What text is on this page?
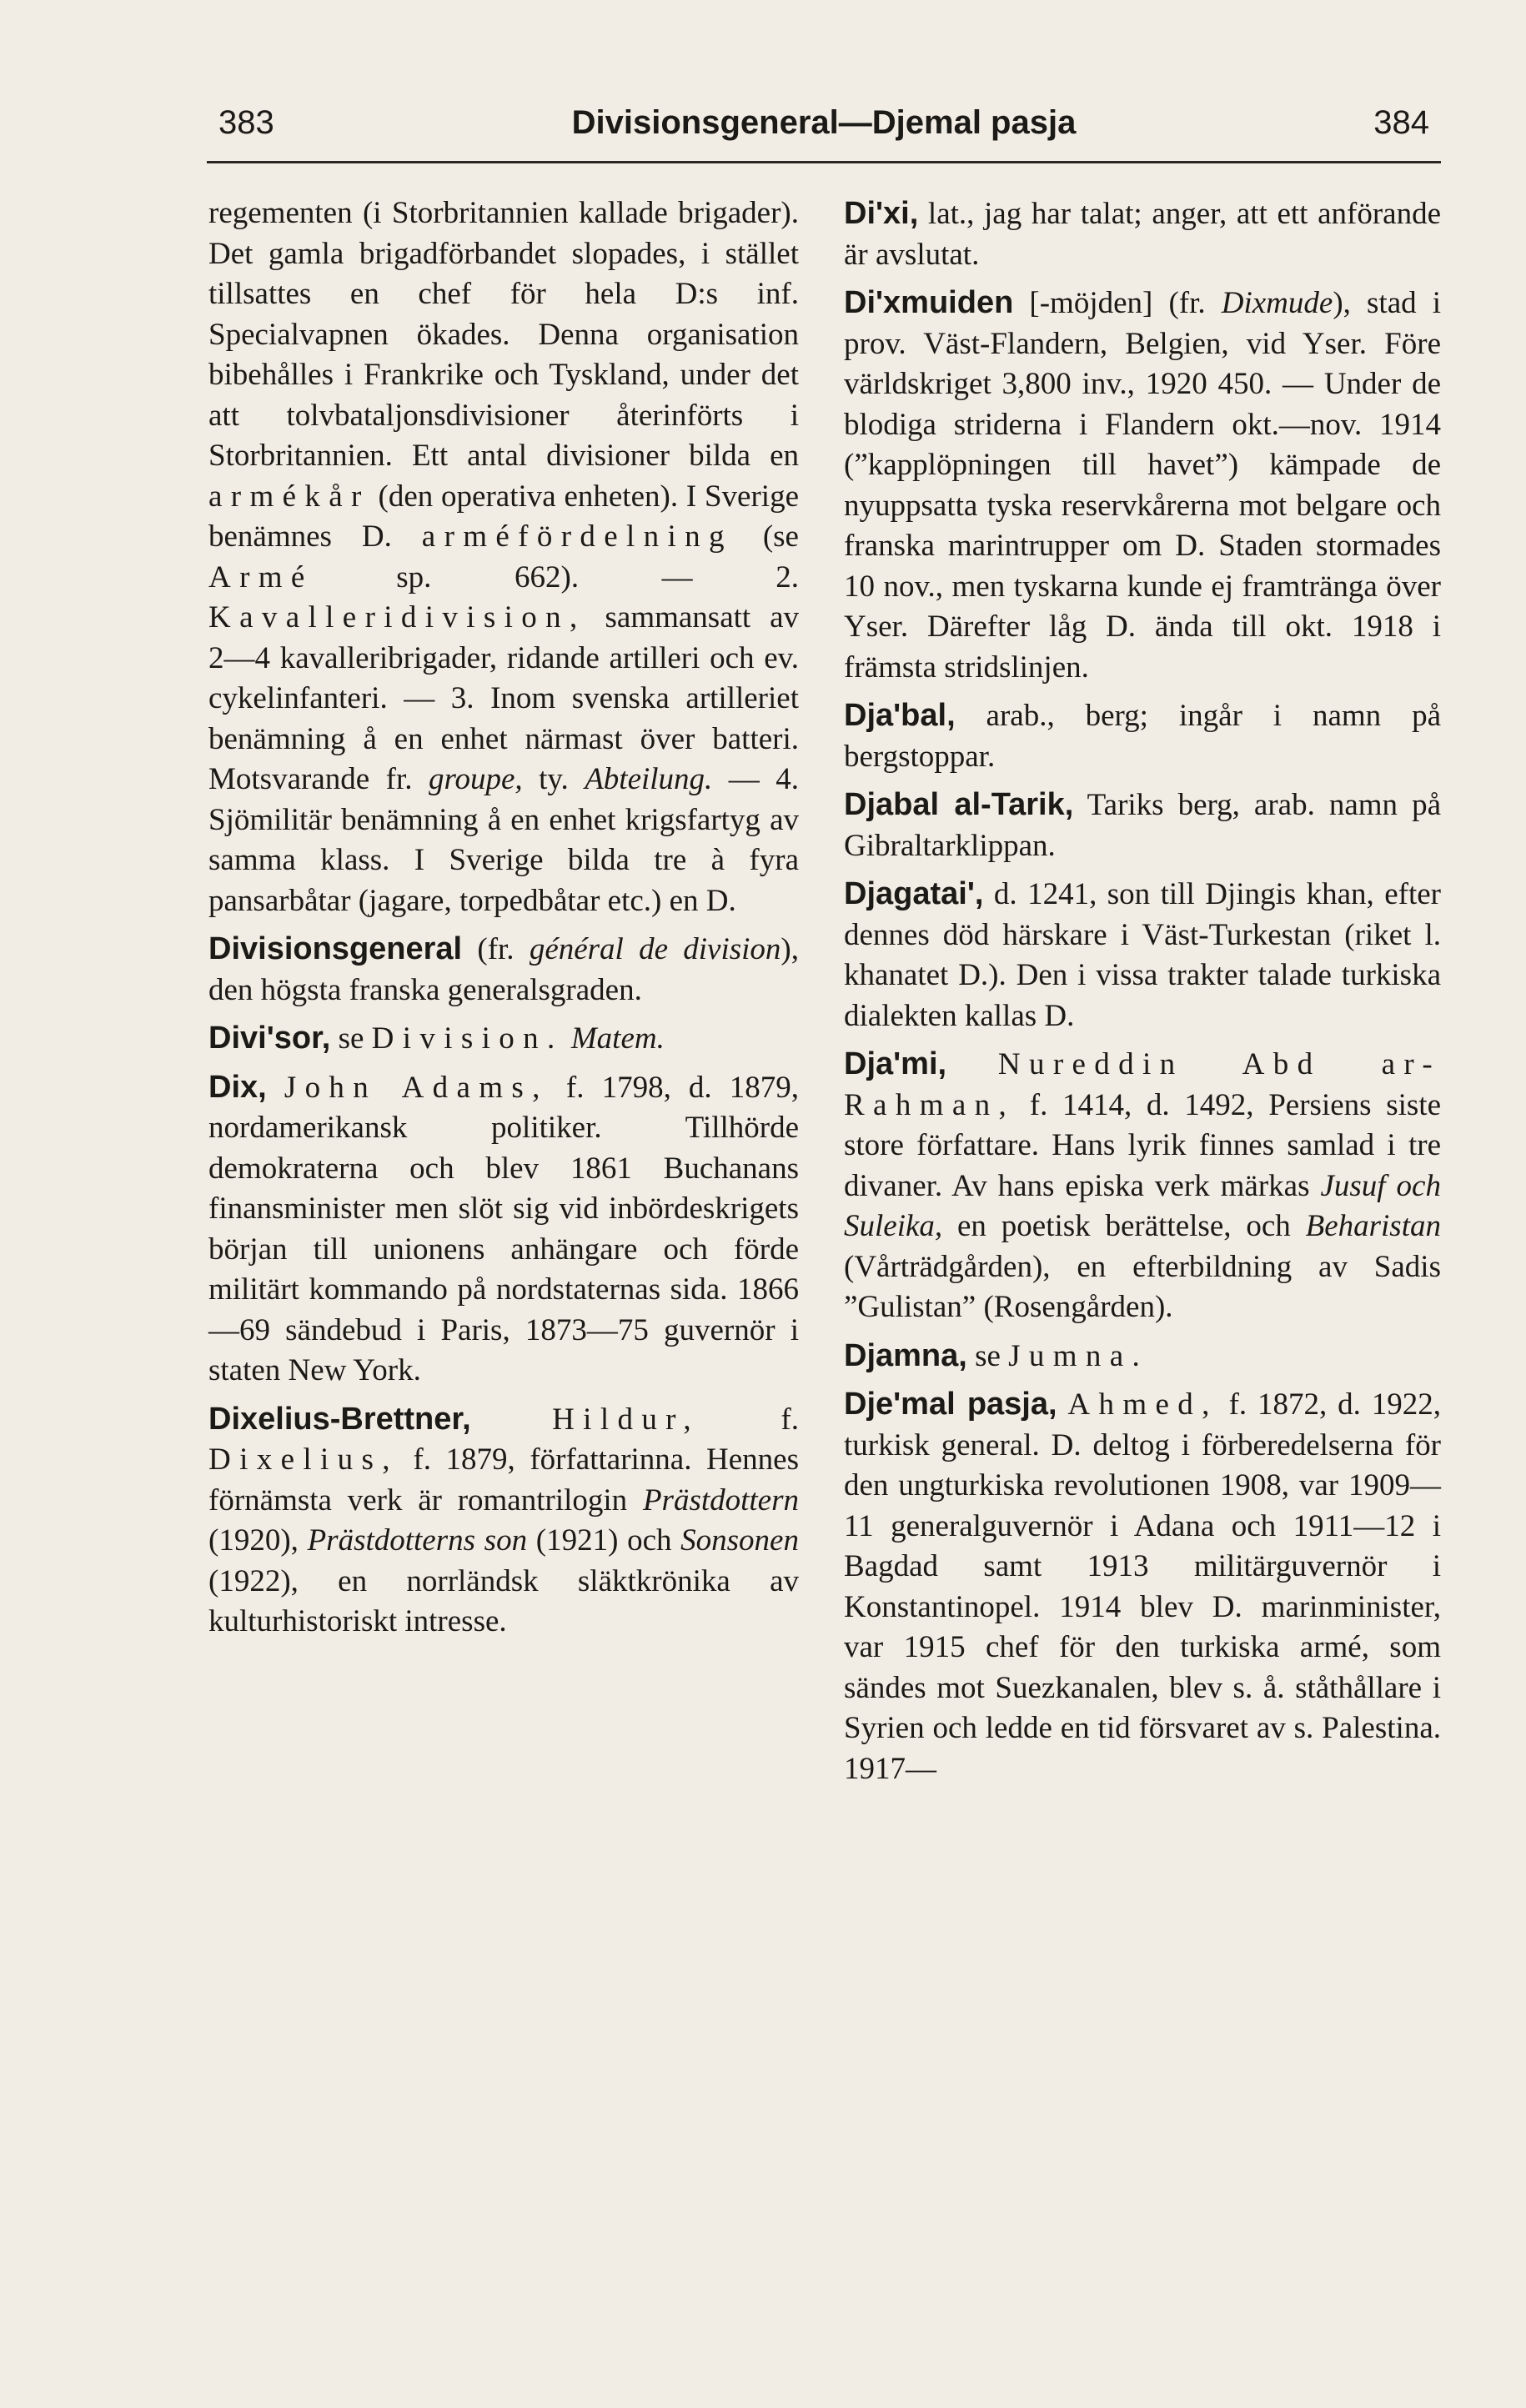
383	Divisionsgeneral—Djemal pasja	384

regementen (i Storbritannien kallade brigader). Det gamla brigadförbandet slopades, i stället tillsattes en chef för hela D:s inf. Specialvapnen ökades. Denna organisation bibehålles i Frankrike och Tyskland, under det att tolvbataljonsdivisioner återinförts i Storbritannien. Ett antal divisioner bilda en armékår (den operativa enheten). I Sverige benämnes D. arméfördelning (se Armé sp. 662). — 2. Kavalleridivision, sammansatt av 2—4 kavalleribrigader, ridande artilleri och ev. cykelinfanteri. — 3. Inom svenska artilleriet benämning å en enhet närmast över batteri. Motsvarande fr. groupe, ty. Abteilung. — 4. Sjömilitär benämning å en enhet krigsfartyg av samma klass. I Sverige bilda tre à fyra pansarbåtar (jagare, torpedbåtar etc.) en D.

Divisionsgeneral (fr. général de division), den högsta franska generalsgraden.

Divi'sor, se Division. Matem.

Dix, John Adams, f. 1798, d. 1879, nordamerikansk politiker. Tillhörde demokraterna och blev 1861 Buchanans finansminister men slöt sig vid inbördeskrigets början till unionens anhängare och förde militärt kommando på nordstaternas sida. 1866—69 sändebud i Paris, 1873—75 guvernör i staten New York.

Dixelius-Brettner,	Hildur, f. Dixelius, f. 1879, författarinna. Hennes förnämsta verk är romantrilogin Prästdottern (1920), Prästdotterns son (1921) och Sonsonen (1922), en norrländsk släktkrönika av kulturhistoriskt intresse.

Di'xi, lat., jag har talat; anger, att ett anförande är avslutat.

Di'xmuiden [-möjden] (fr. Dixmude), stad i prov. Väst-Flandern, Belgien, vid Yser. Före världskriget 3,800 inv., 1920 450. — Under de blodiga striderna i Flandern okt.—nov. 1914 (”kapplöpningen till havet”) kämpade de nyuppsatta tyska reservkårerna mot belgare och franska marintrupper om D. Staden stormades 10 nov., men tyskarna kunde ej framtränga över Yser. Därefter låg D. ända till okt. 1918 i främsta stridslinjen.

Dja'bal, arab., berg; ingår i namn på bergstoppar.

Djabal al-Tarik, Tariks berg, arab. namn på Gibraltarklippan.

Djagatai', d. 1241, son till Djingis khan, efter dennes död härskare i Väst-Turkestan (riket l. khanatet D.). Den i vissa trakter talade turkiska dialekten kallas D.

Dja'mi, Nureddin Abd ar-Rahman, f. 1414, d. 1492, Persiens siste store författare. Hans lyrik finnes samlad i tre divaner. Av hans episka verk märkas Jusuf och Suleika, en poetisk berättelse, och Beharistan (Vårträdgården), en efterbildning av Sadis ”Gulistan” (Rosengården).

Djamna, se Jumna.

Dje'mal pasja, Ahmed, f. 1872, d. 1922, turkisk general. D. deltog i förberedelserna för den ungturkiska revolutionen 1908, var 1909—11 generalguvernör i Adana och 1911—12 i Bagdad samt 1913 militärguvernör i Konstantinopel. 1914 blev D. marinminister, var 1915 chef för den turkiska armé, som sändes mot Suezkanalen, blev s. å. ståthållare i Syrien och ledde en tid försvaret av s. Palestina. 1917—
